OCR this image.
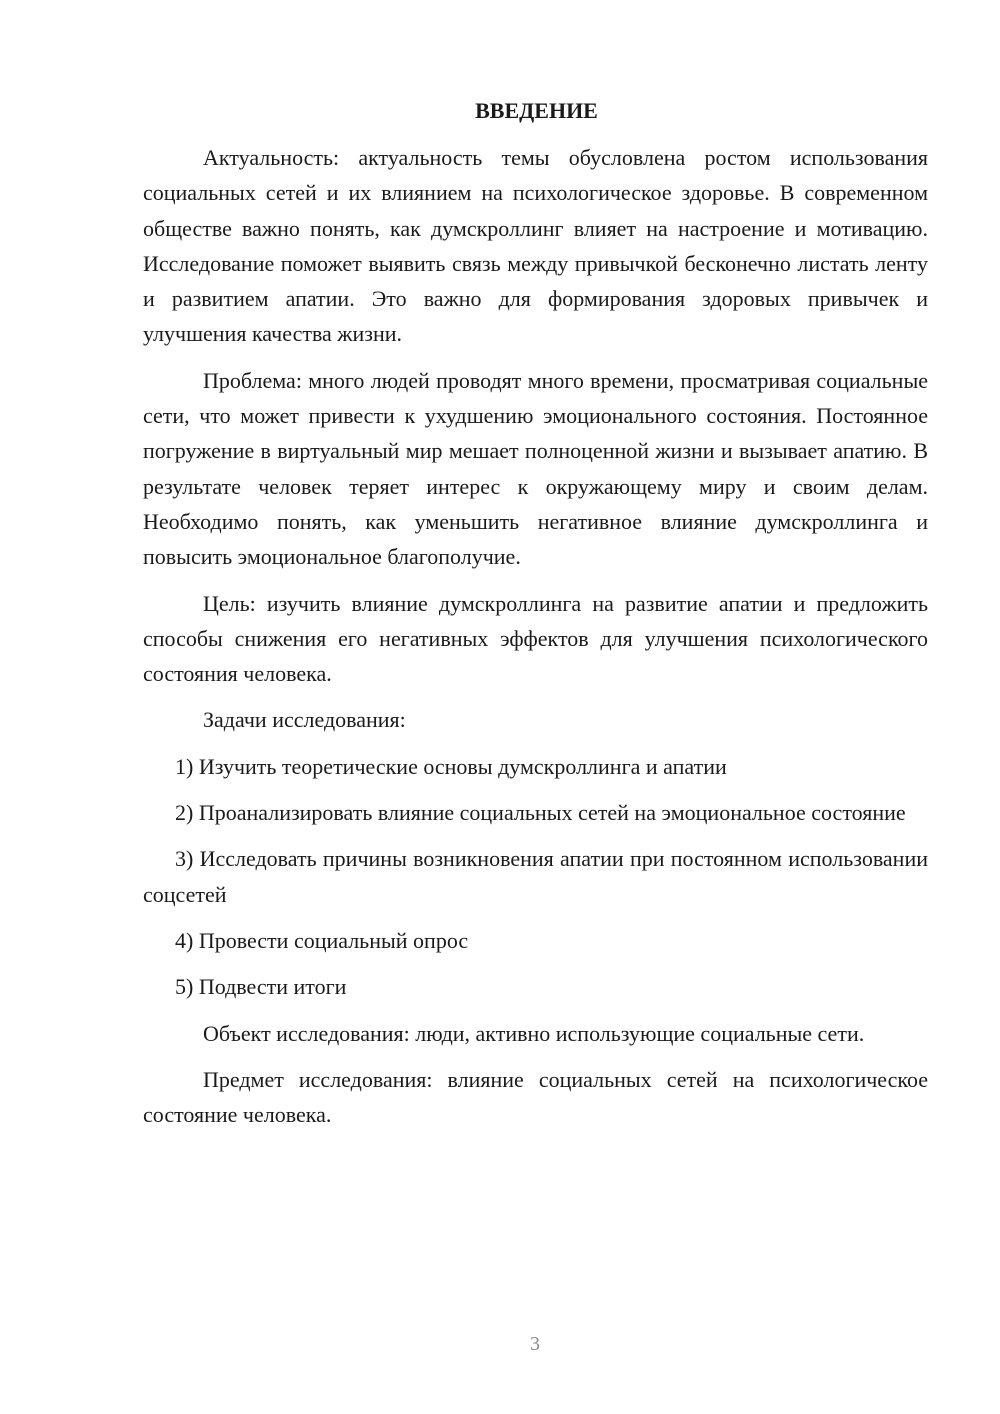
ВВЕДЕНИЕ

Актуальность: актуальность темы обусловлена ростом использования социальных сетей и их влиянием на психологическое здоровье. В современном обществе важно понять, как думскроллинг влияет на настроение и мотивацию. Исследование поможет выявить связь между привычкой бесконечно листать ленту и развитием апатии. Это важно для формирования здоровых привычек и улучшения качества жизни.

Проблема: много людей проводят много времени, просматривая социальные сети, что может привести к ухудшению эмоционального состояния. Постоянное погружение в виртуальный мир мешает полноценной жизни и вызывает апатию. В результате человек теряет интерес к окружающему миру и своим делам. Необходимо понять, как уменьшить негативное влияние думскроллинга и повысить эмоциональное благополучие.

Цель: изучить влияние думскроллинга на развитие апатии и предложить способы снижения его негативных эффектов для улучшения психологического состояния человека.

Задачи исследования:

1) Изучить теоретические основы думскроллинга и апатии

2) Проанализировать влияние социальных сетей на эмоциональное состояние

3) Исследовать причины возникновения апатии при постоянном использовании соцсетей

4) Провести социальный опрос

5) Подвести итоги

Объект исследования: люди, активно использующие социальные сети.

Предмет исследования: влияние социальных сетей на психологическое состояние человека.

3
